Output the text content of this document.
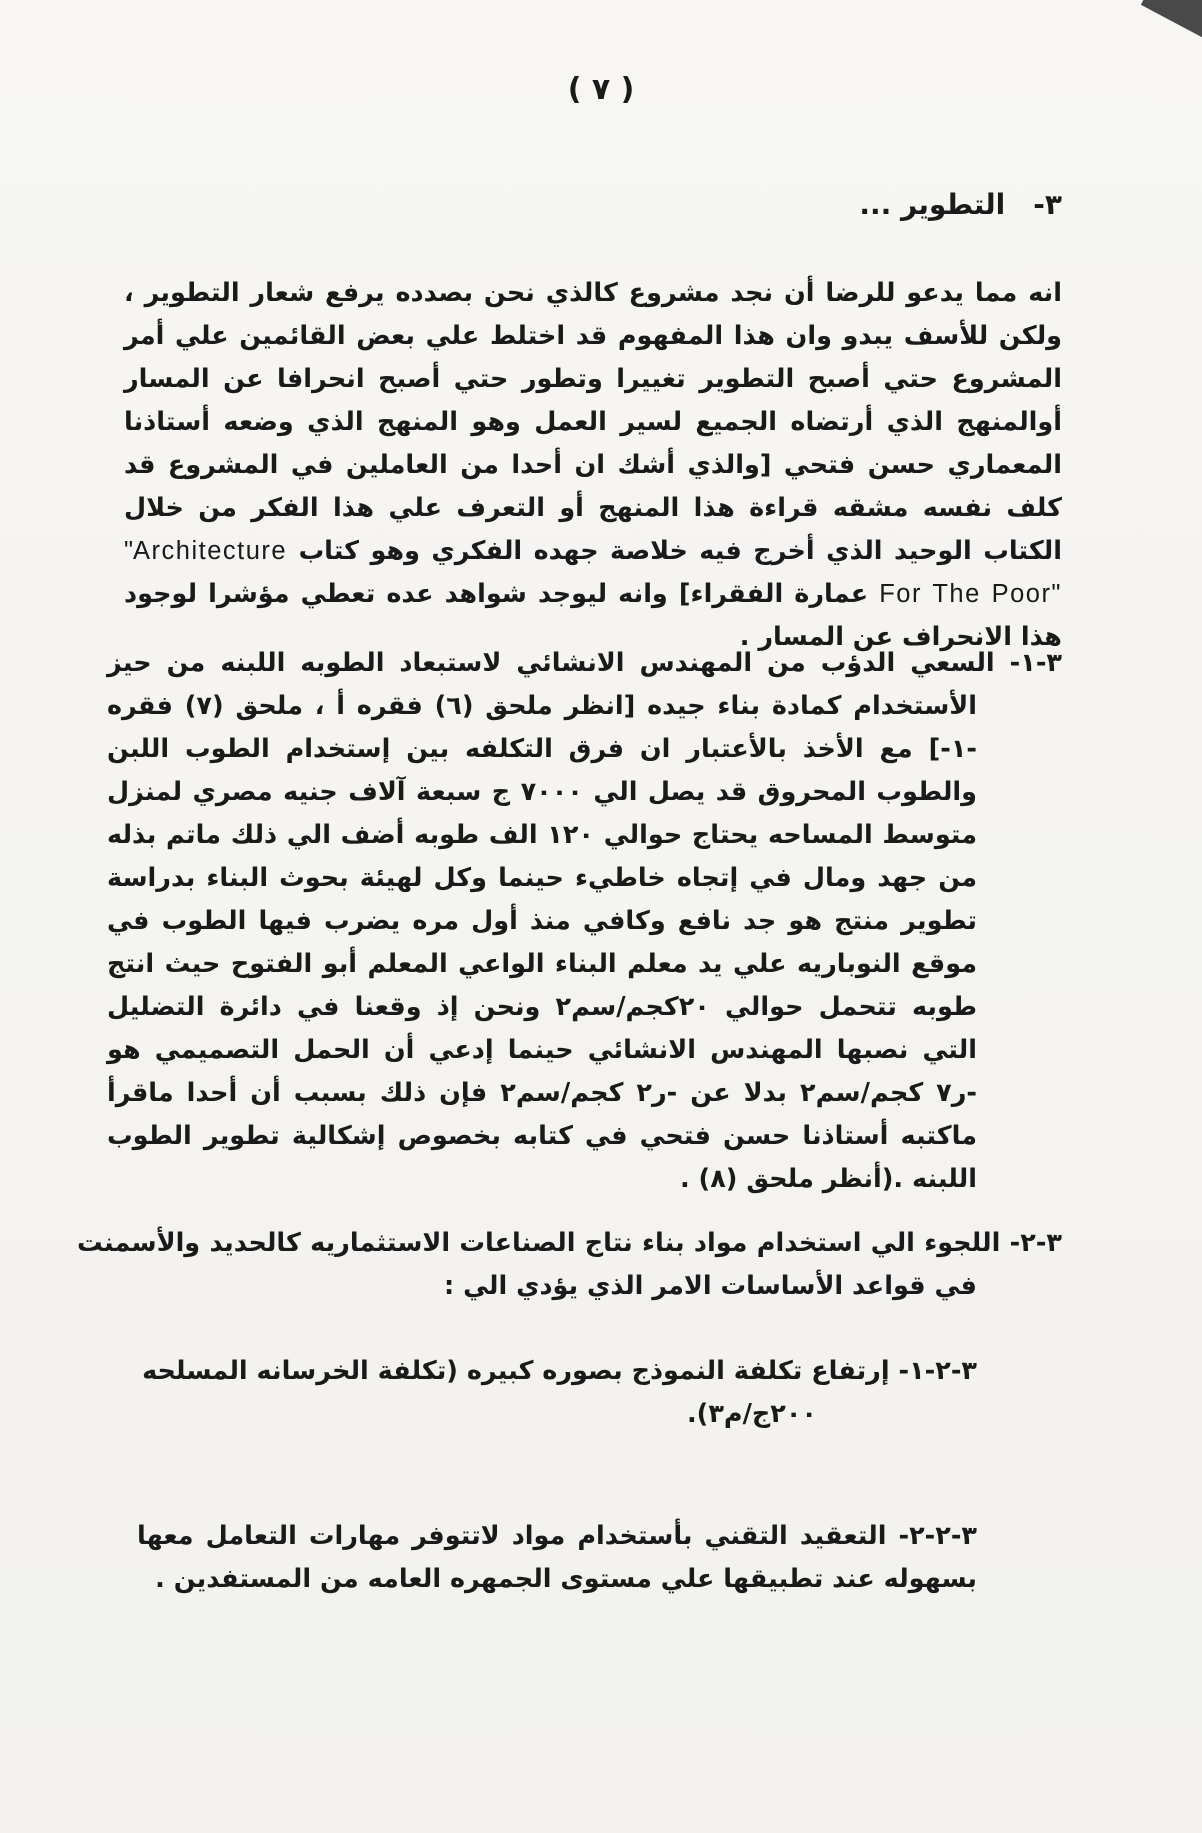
( ٧ )
٣-التطوير ...
انه مما يدعو للرضا أن نجد مشروع كالذي نحن بصدده يرفع شعار التطوير ، ولكن للأسف يبدو وان هذا المفهوم قد اختلط علي بعض القائمين علي أمر المشروع حتي أصبح التطوير تغييرا وتطور حتي أصبح انحرافا عن المسار أوالمنهج الذي أرتضاه الجميع لسير العمل وهو المنهج الذي وضعه أستاذنا المعماري حسن فتحي [والذي أشك ان أحدا من العاملين في المشروع قد كلف نفسه مشقه قراءة هذا المنهج أو التعرف علي هذا الفكر من خلال الكتاب الوحيد الذي أخرج فيه خلاصة جهده الفكري وهو كتاب "Architecture For The Poor" عمارة الفقراء] وانه ليوجد شواهد عده تعطي مؤشرا لوجود هذا الانحراف عن المسار .
٣-١- السعي الدؤب من المهندس الانشائي لاستبعاد الطوبه اللبنه من حيز الأستخدام كمادة بناء جيده [انظر ملحق (٦) فقره أ ، ملحق (٧) فقره -١-] مع الأخذ بالأعتبار ان فرق التكلفه بين إستخدام الطوب اللبن والطوب المحروق قد يصل الي ٧٠٠٠ ج سبعة آلاف جنيه مصري لمنزل متوسط المساحه يحتاج حوالي ١٢٠ الف طوبه أضف الي ذلك ماتم بذله من جهد ومال في إتجاه خاطيء حينما وكل لهيئة بحوث البناء بدراسة تطوير منتج هو جد نافع وكافي منذ أول مره يضرب فيها الطوب في موقع النوباريه علي يد معلم البناء الواعي المعلم أبو الفتوح حيث انتج طوبه تتحمل حوالي ٢٠كجم/سم٢ ونحن إذ وقعنا في دائرة التضليل التي نصبها المهندس الانشائي حينما إدعي أن الحمل التصميمي هو -ر٧ كجم/سم٢ بدلا عن -ر٢ كجم/سم٢ فإن ذلك بسبب أن أحدا ماقرأ ماكتبه أستاذنا حسن فتحي في كتابه بخصوص إشكالية تطوير الطوب اللبنه .(أنظر ملحق (٨) .
٣-٢- اللجوء الي استخدام مواد بناء نتاج الصناعات الاستثماريه كالحديد والأسمنت في قواعد الأساسات الامر الذي يؤدي الي :
٣-٢-١- إرتفاع تكلفة النموذج بصوره كبيره (تكلفة الخرسانه المسلحه
٢٠٠ج/م٣).
٣-٢-٢- التعقيد التقني بأستخدام مواد لاتتوفر مهارات التعامل معها بسهوله عند تطبيقها علي مستوى الجمهره العامه من المستفدين .
